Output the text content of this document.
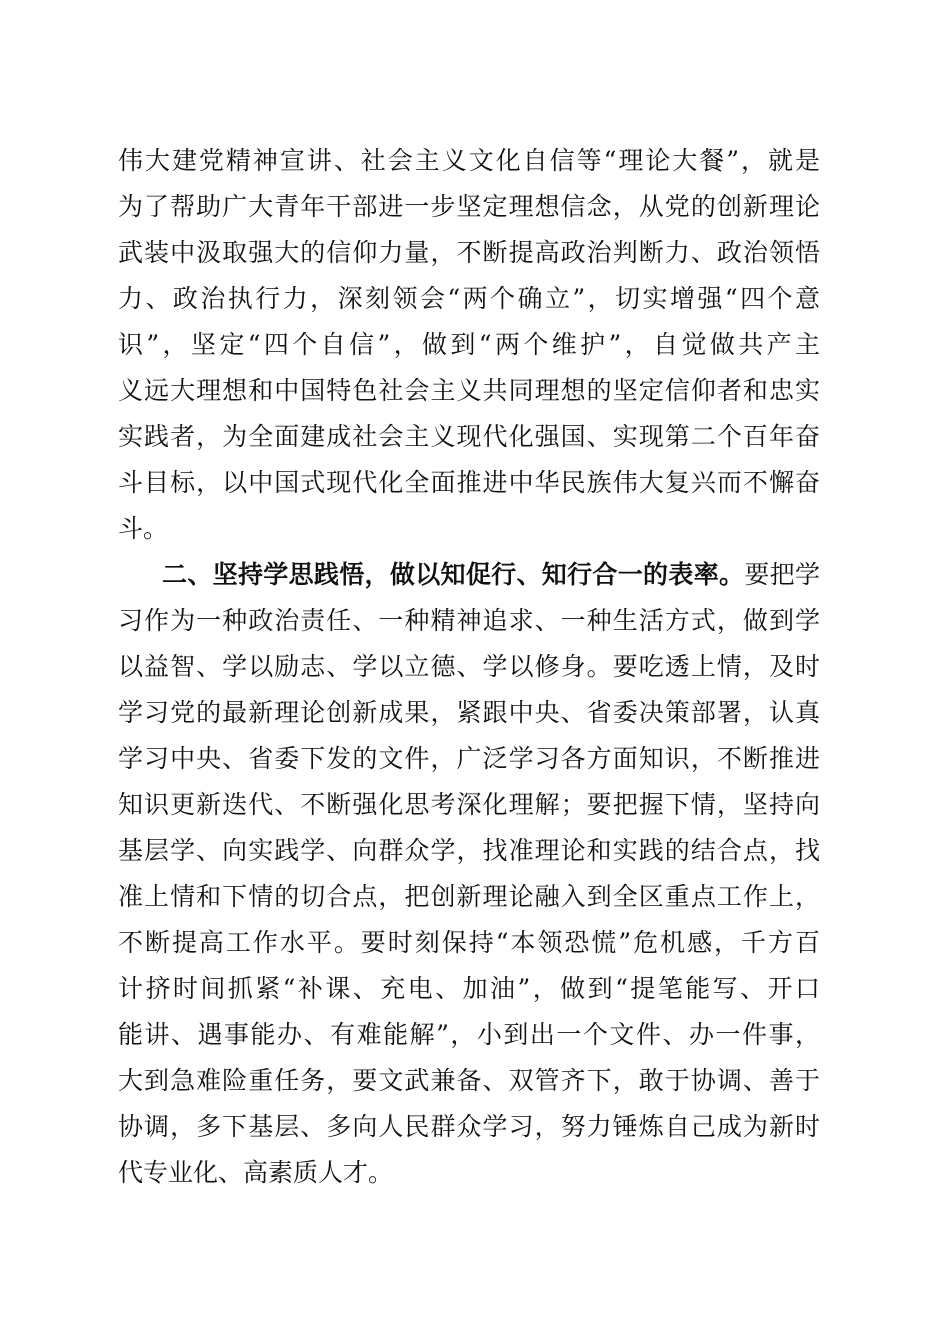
伟大建党精神宣讲、社会主义文化自信等“理论大餐”，就是
为了帮助广大青年干部进一步坚定理想信念，从党的创新理论
武装中汲取强大的信仰力量，不断提高政治判断力、政治领悟
力、政治执行力，深刻领会“两个确立”，切实增强“四个意
识”，坚定“四个自信”，做到“两个维护”，自觉做共产主
义远大理想和中国特色社会主义共同理想的坚定信仰者和忠实
实践者，为全面建成社会主义现代化强国、实现第二个百年奋
斗目标，以中国式现代化全面推进中华民族伟大复兴而不懈奋
斗。
二、坚持学思践悟，做以知促行、知行合一的表率。要把学
习作为一种政治责任、一种精神追求、一种生活方式，做到学
以益智、学以励志、学以立德、学以修身。要吃透上情，及时
学习党的最新理论创新成果，紧跟中央、省委决策部署，认真
学习中央、省委下发的文件，广泛学习各方面知识，不断推进
知识更新迭代、不断强化思考深化理解；要把握下情，坚持向
基层学、向实践学、向群众学，找准理论和实践的结合点，找
准上情和下情的切合点，把创新理论融入到全区重点工作上，
不断提高工作水平。要时刻保持“本领恐慌”危机感，千方百
计挤时间抓紧“补课、充电、加油”，做到“提笔能写、开口
能讲、遇事能办、有难能解”，小到出一个文件、办一件事，
大到急难险重任务，要文武兼备、双管齐下，敢于协调、善于
协调，多下基层、多向人民群众学习，努力锤炼自己成为新时
代专业化、高素质人才。
